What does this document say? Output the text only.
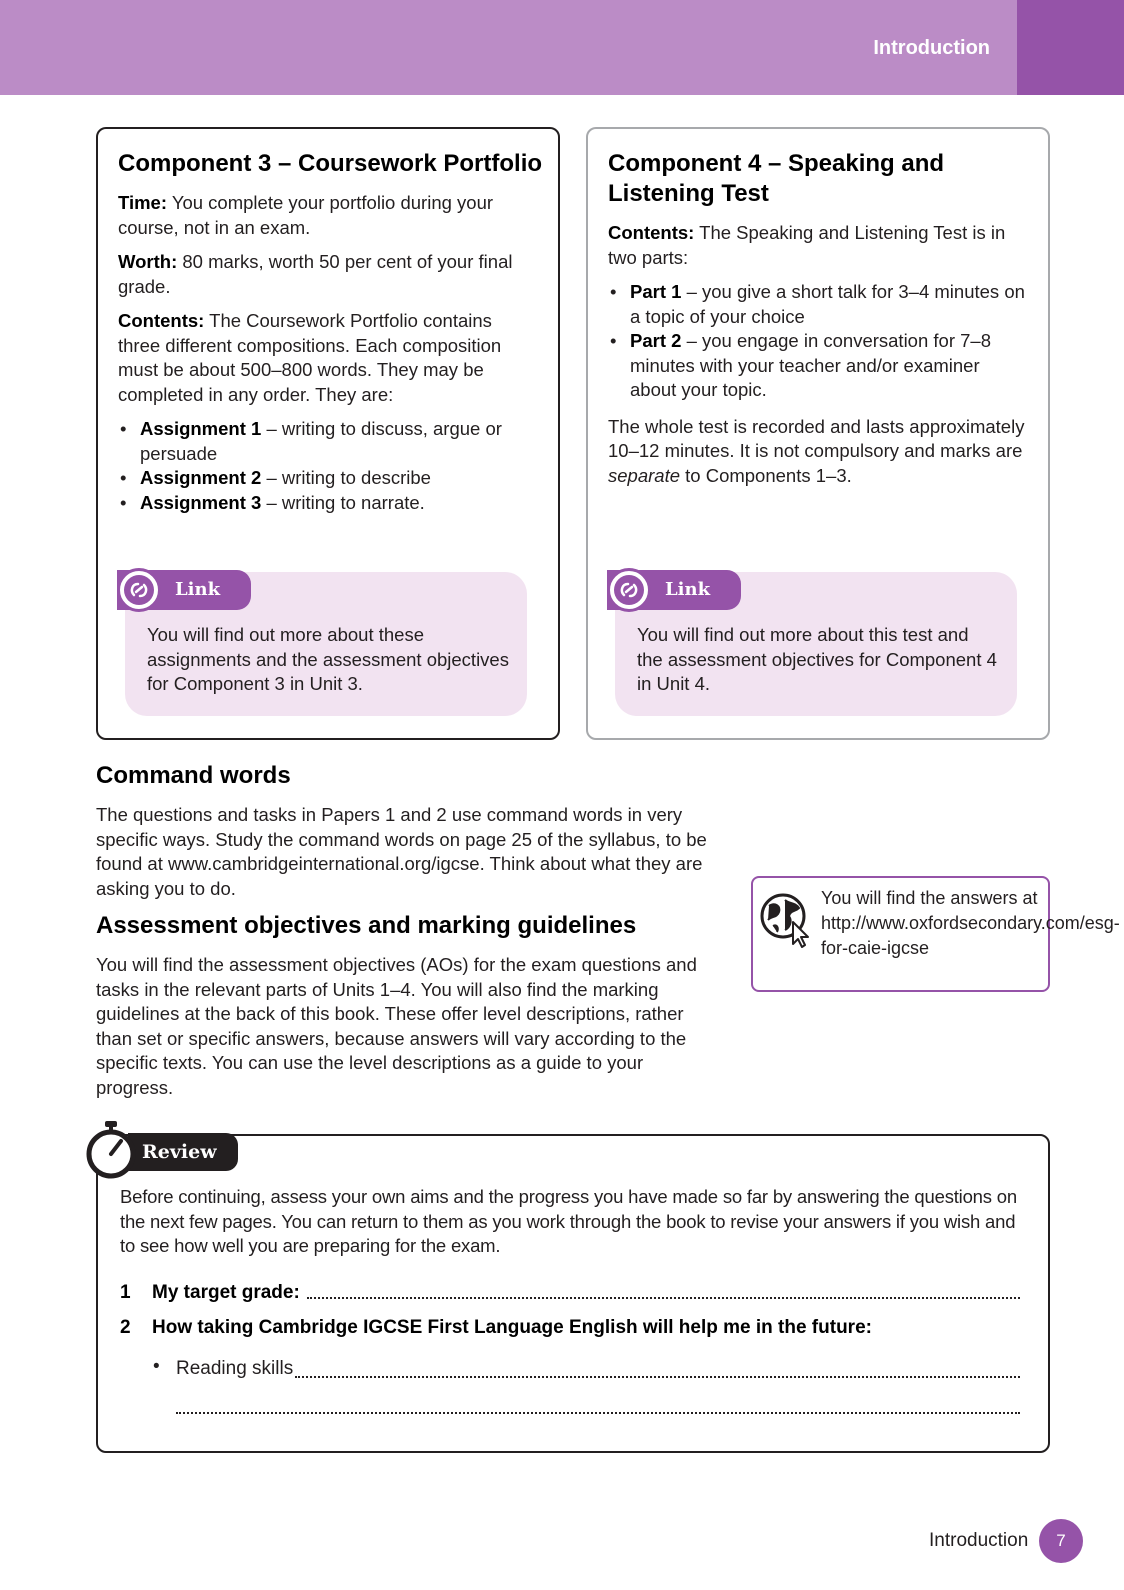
Introduction
Component 3 – Coursework Portfolio

Time: You complete your portfolio during your course, not in an exam.

Worth: 80 marks, worth 50 per cent of your final grade.

Contents: The Coursework Portfolio contains three different compositions. Each composition must be about 500–800 words. They may be completed in any order. They are:

• Assignment 1 – writing to discuss, argue or persuade
• Assignment 2 – writing to describe
• Assignment 3 – writing to narrate.
You will find out more about these assignments and the assessment objectives for Component 3 in Unit 3.
Link
Component 4 – Speaking and Listening Test

Contents: The Speaking and Listening Test is in two parts:

• Part 1 – you give a short talk for 3–4 minutes on a topic of your choice
• Part 2 – you engage in conversation for 7–8 minutes with your teacher and/or examiner about your topic.

The whole test is recorded and lasts approximately 10–12 minutes. It is not compulsory and marks are separate to Components 1–3.

You will find out more about this test and the assessment objectives for Component 4 in Unit 4.
Link
Command words

The questions and tasks in Papers 1 and 2 use command words in very specific ways. Study the command words on page 25 of the syllabus, to be found at www.cambridgeinternational.org/igcse. Think about what they are asking you to do.

Assessment objectives and marking guidelines

You will find the assessment objectives (AOs) for the exam questions and tasks in the relevant parts of Units 1–4. You will also find the marking guidelines at the back of this book. These offer level descriptions, rather than set or specific answers, because answers will vary according to the specific texts. You can use the level descriptions as a guide to your progress.

You will find the answers at http://www.oxfordsecondary.com/esg-for-caie-igcse
Review

Before continuing, assess your own aims and the progress you have made so far by answering the questions on the next few pages. You can return to them as you work through the book to revise your answers if you wish and to see how well you are preparing for the exam.

1 My target grade:
2 How taking Cambridge IGCSE First Language English will help me in the future:
• Reading skills
Introduction	7
